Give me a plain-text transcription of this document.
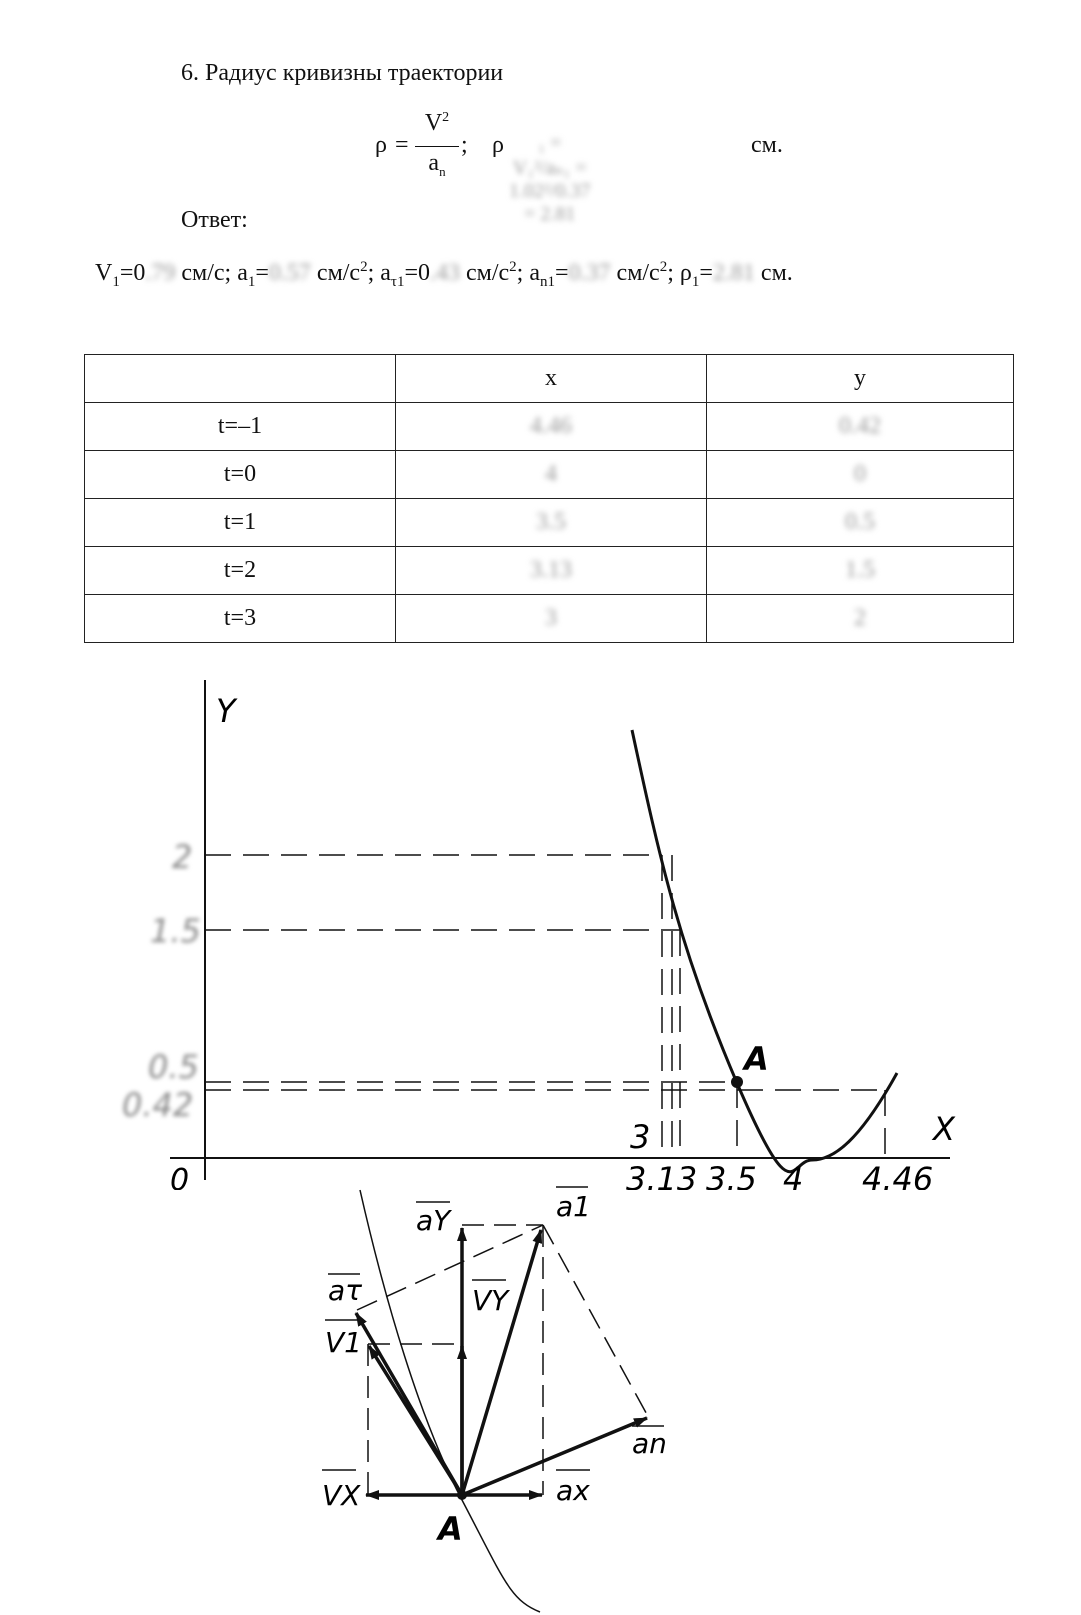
6. Радиус кривизны траектории
ρ =
$V^2$
$a_n$
; ρ	₁ = V₁²/aₙ₁ = 1.02²/0.37 = 2.81
см.
Ответ:
$V_1=0.79$ см/с; $a_1=0.57$ $см/с^2$; $a_{\tau 1}=0.43$ $см/с^2$; $a_{n1}=0.37$ $см/с^2$; $\rho_1=2.81$ см.
	x	y
t=–1	4.46	0.42
t=0	4	0
t=1	3.5	0.5
t=2	3.13	1.5
t=3	3	2
Y
X
0
2
1.5
0.5
0.42
3
3.13 3.5 4 4.46
A
a1
aY
aτ	VY
V1
an
VX	ax
A
